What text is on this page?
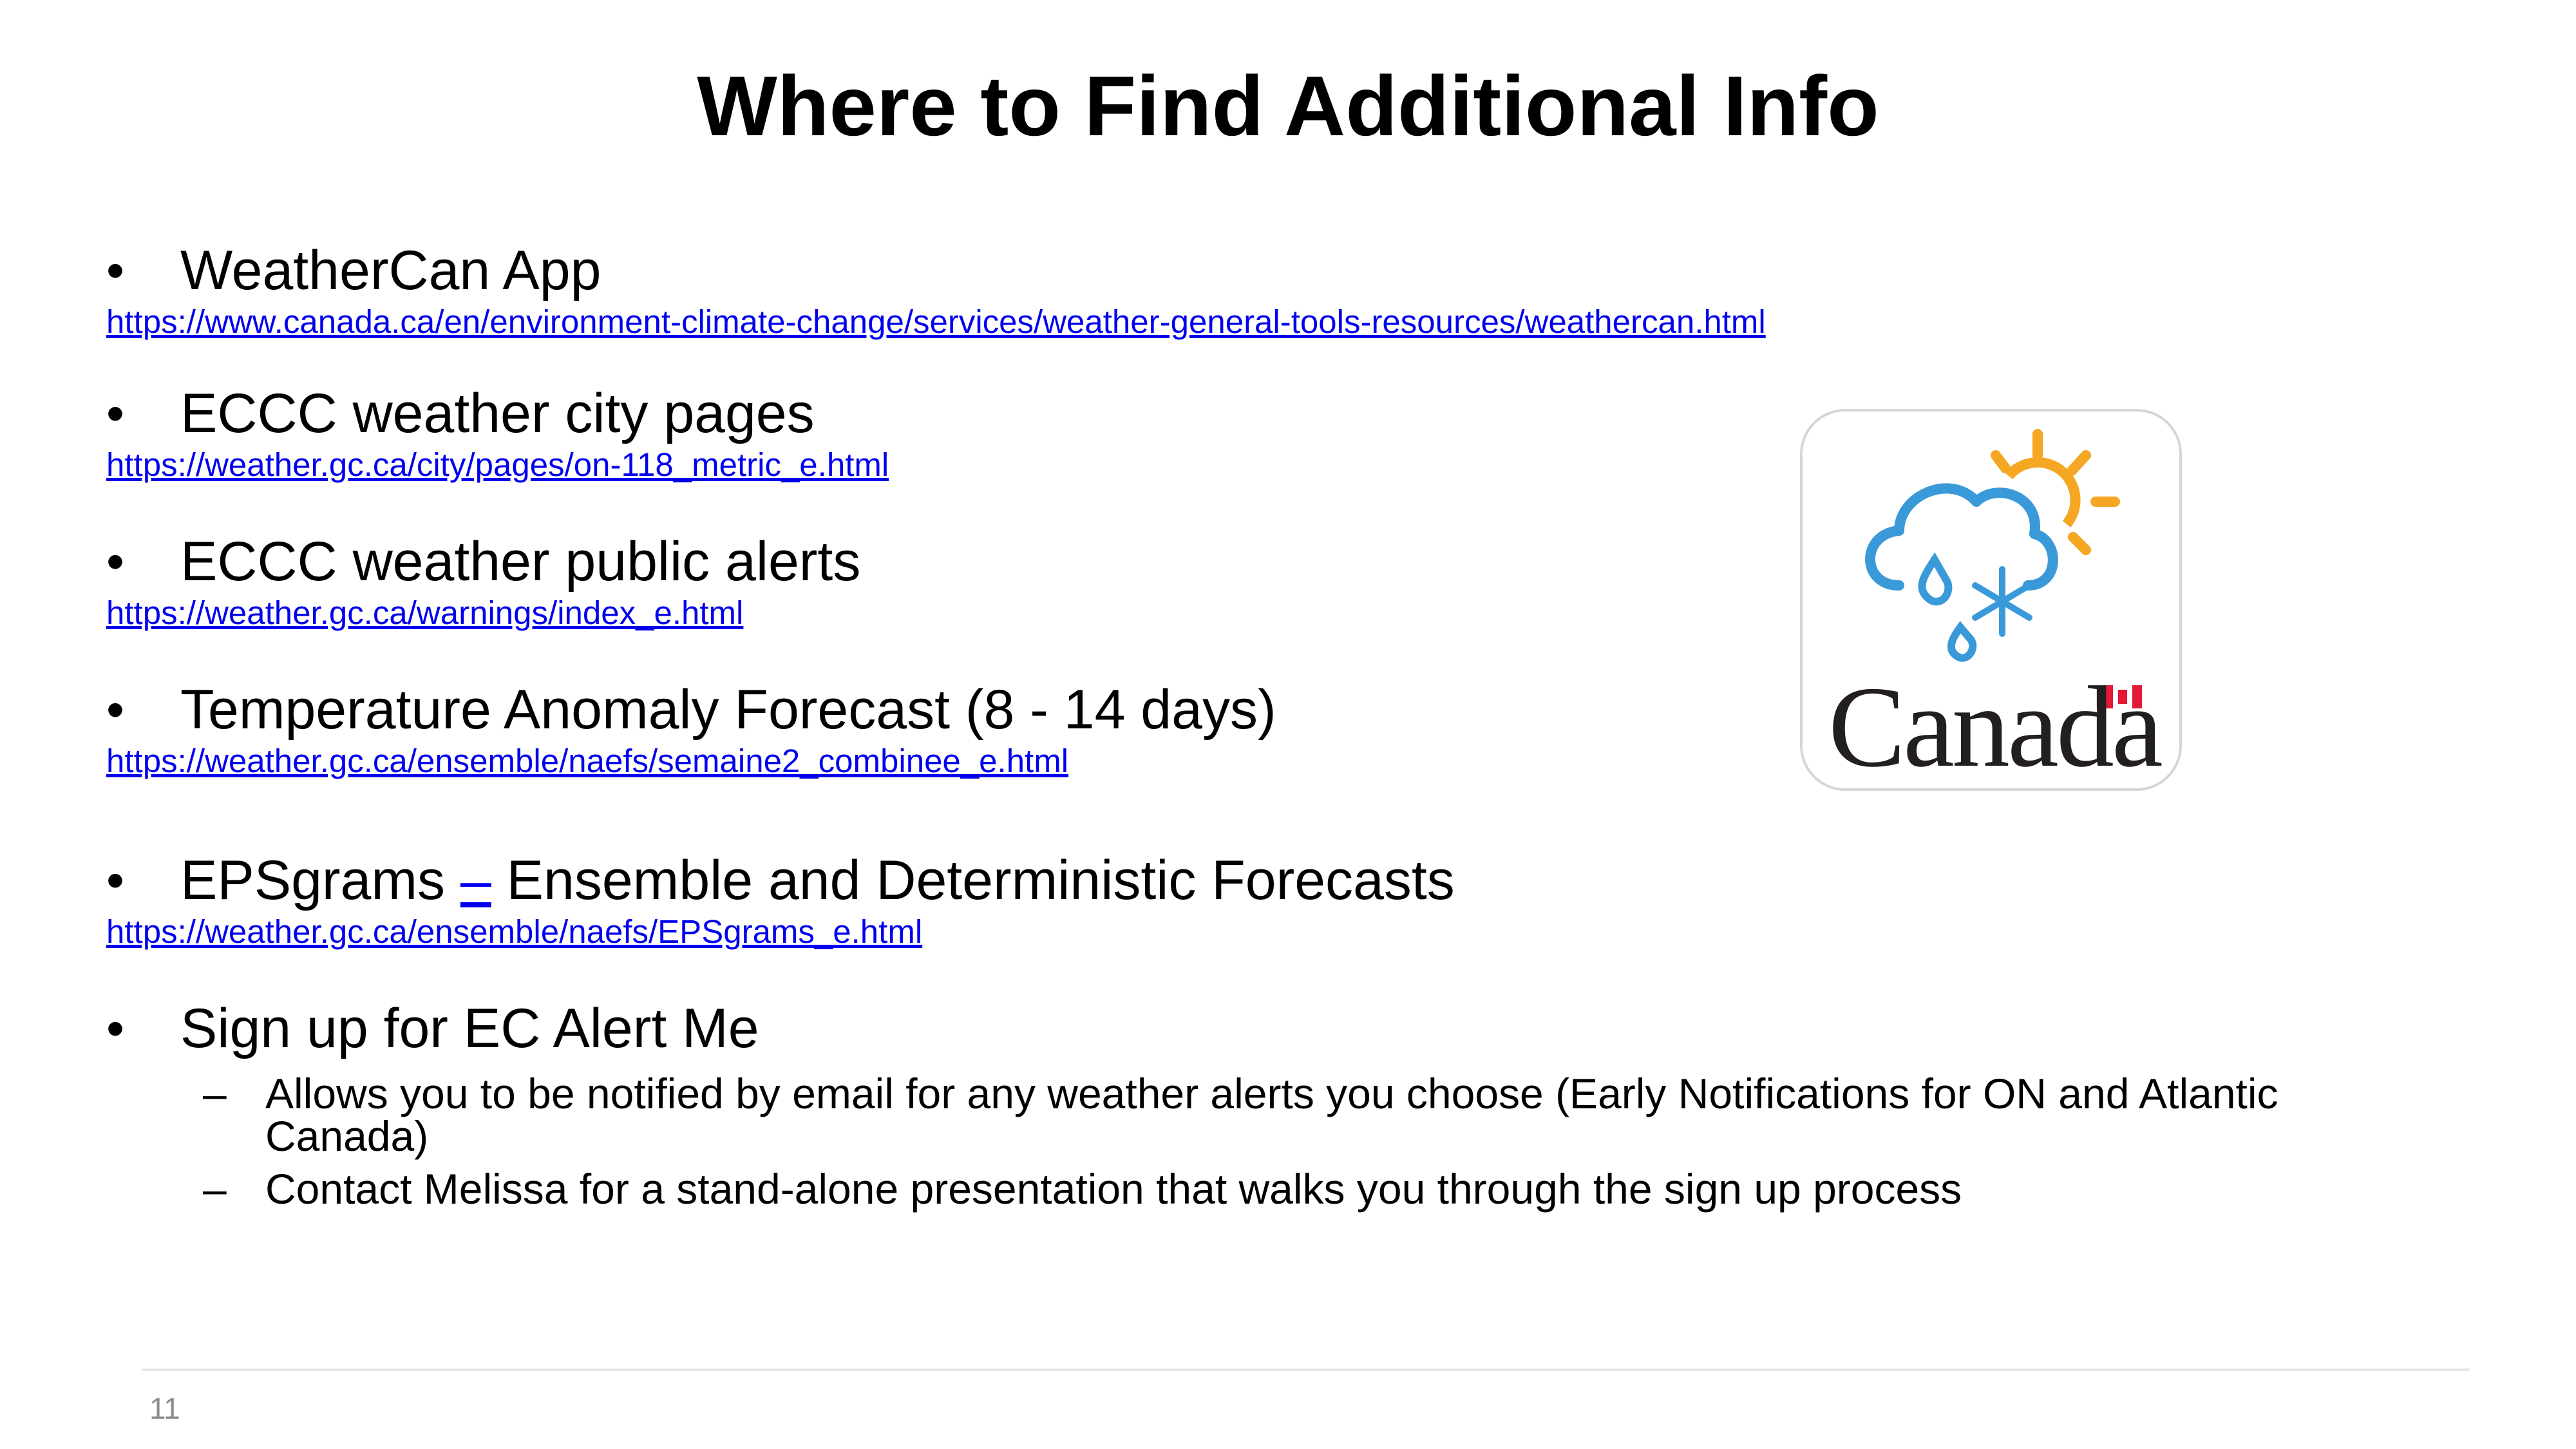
Where to Find Additional Info
• WeatherCan App
https://www.canada.ca/en/environment-climate-change/services/weather-general-tools-resources/weathercan.html
• ECCC weather city pages
https://weather.gc.ca/city/pages/on-118_metric_e.html
• ECCC weather public alerts
https://weather.gc.ca/warnings/index_e.html
• Temperature Anomaly Forecast (8 - 14 days)
https://weather.gc.ca/ensemble/naefs/semaine2_combinee_e.html
• EPSgrams – Ensemble and Deterministic Forecasts
https://weather.gc.ca/ensemble/naefs/EPSgrams_e.html
• Sign up for EC Alert Me
– Allows you to be notified by email for any weather alerts you choose (Early Notifications for ON and Atlantic Canada)
– Contact Melissa for a stand-alone presentation that walks you through the sign up process
Canada
11
